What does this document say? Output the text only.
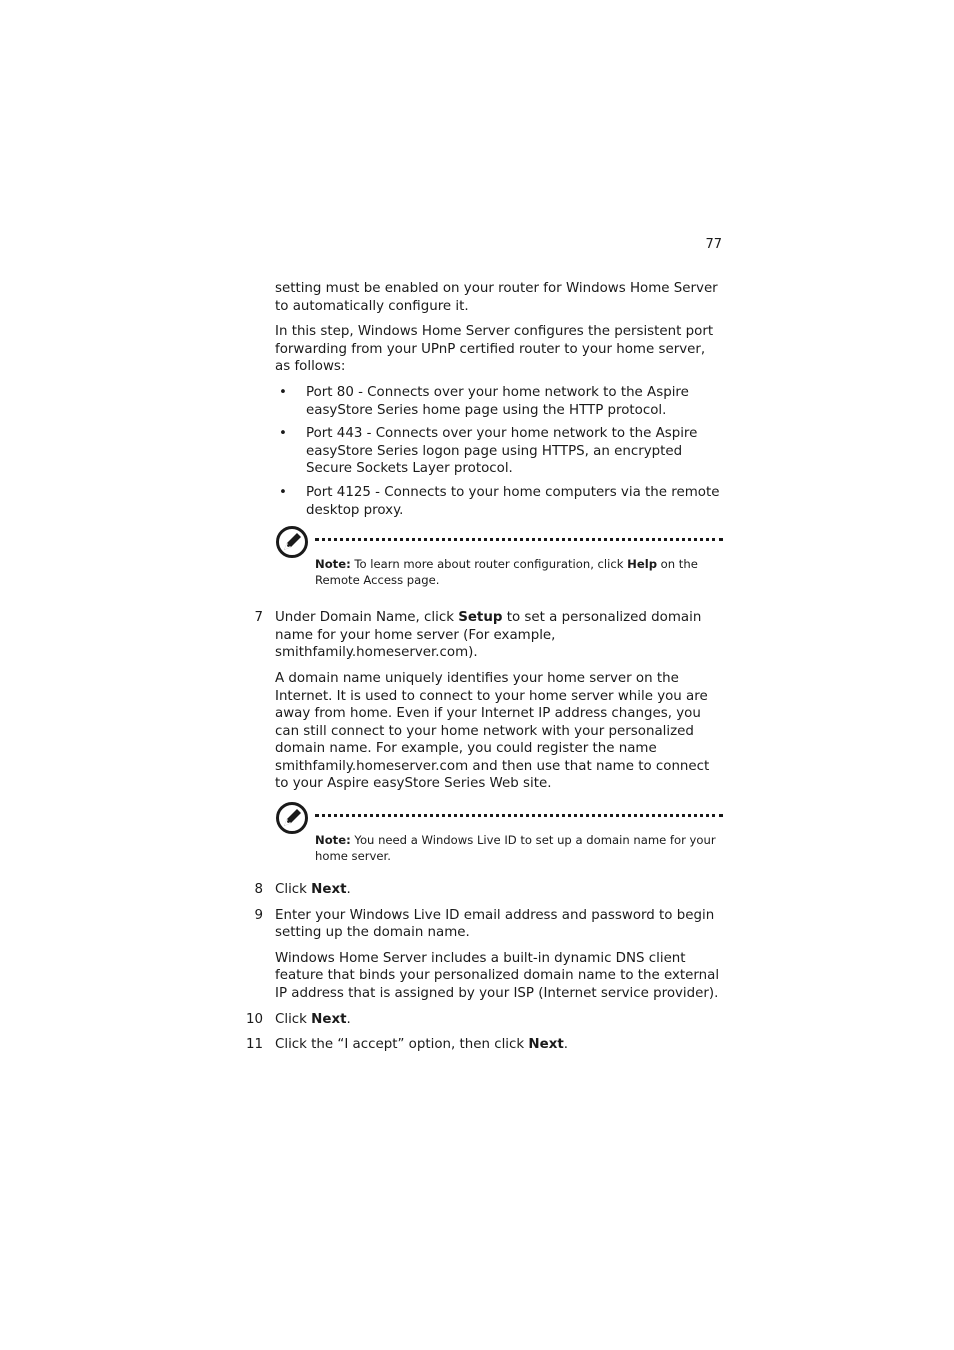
77

setting must be enabled on your router for Windows Home Server to automatically configure it.

In this step, Windows Home Server configures the persistent port forwarding from your UPnP certified router to your home server, as follows:

• Port 80 - Connects over your home network to the Aspire easyStore Series home page using the HTTP protocol.
• Port 443 - Connects over your home network to the Aspire easyStore Series logon page using HTTPS, an encrypted Secure Sockets Layer protocol.
• Port 4125 - Connects to your home computers via the remote desktop proxy.
Note: To learn more about router configuration, click Help on the Remote Access page.
7 Under Domain Name, click Setup to set a personalized domain name for your home server (For example, smithfamily.homeserver.com).

A domain name uniquely identifies your home server on the Internet. It is used to connect to your home server while you are away from home. Even if your Internet IP address changes, you can still connect to your home network with your personalized domain name. For example, you could register the name smithfamily.homeserver.com and then use that name to connect to your Aspire easyStore Series Web site.

Note: You need a Windows Live ID to set up a domain name for your home server.
8 Click Next.

9 Enter your Windows Live ID email address and password to begin setting up the domain name.

Windows Home Server includes a built-in dynamic DNS client feature that binds your personalized domain name to the external IP address that is assigned by your ISP (Internet service provider).

10 Click Next.

11 Click the “I accept” option, then click Next.
